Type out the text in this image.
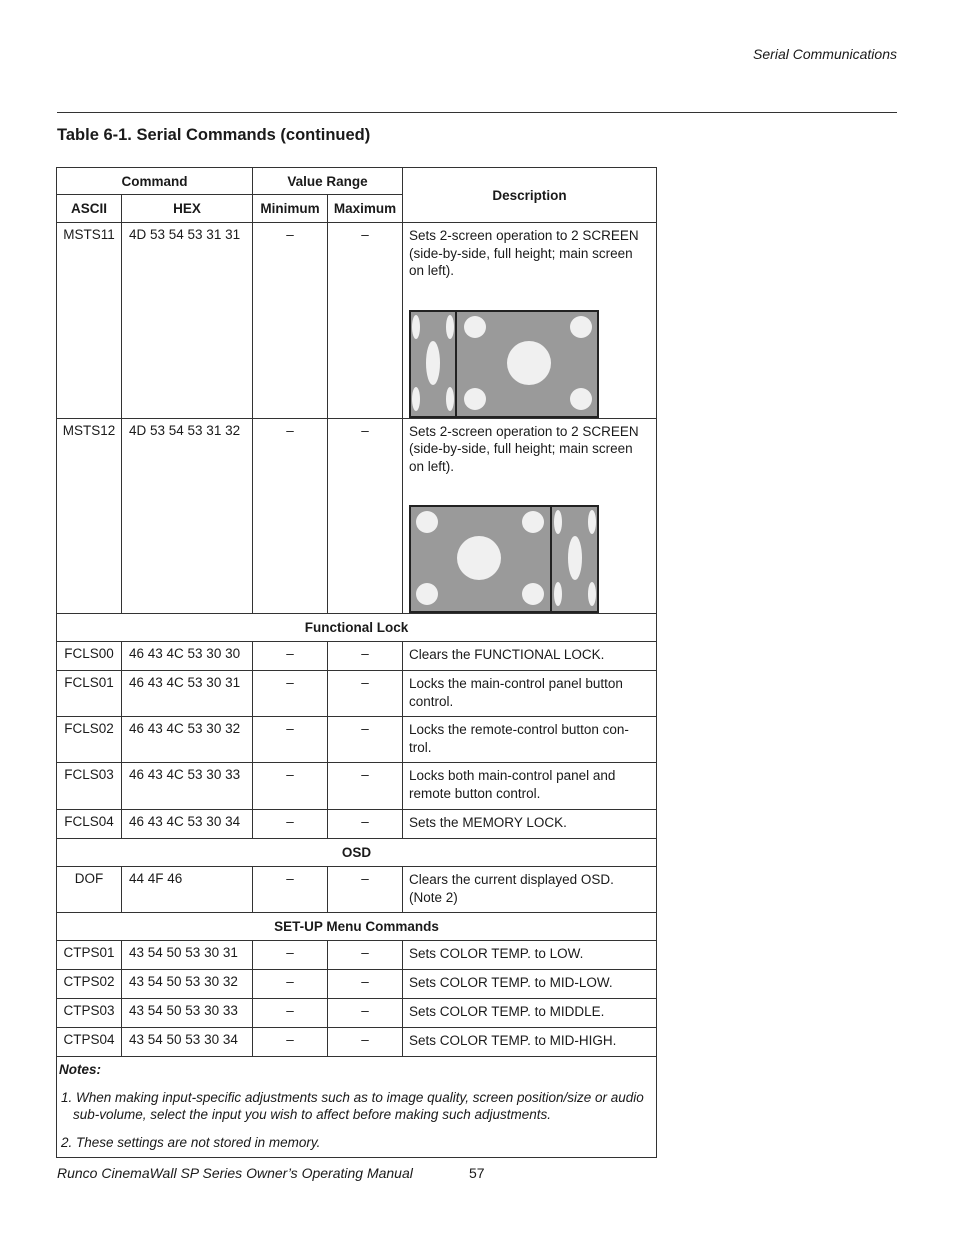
Serial Communications
Table 6-1. Serial Commands (continued)
Command		Value Range		Description
ASCII	HEX	Minimum	Maximum	
MSTS11	4D 53 54 53 31 31	–	–	Sets 2-screen operation to 2 SCREEN (side-by-side, full height; main screen on left).

MSTS12	4D 53 54 53 31 32	–	–	Sets 2-screen operation to 2 SCREEN (side-by-side, full height; main screen on left).

Functional Lock				
FCLS00	46 43 4C 53 30 30	–	–	Clears the FUNCTIONAL LOCK.
FCLS01	46 43 4C 53 30 31	–	–	Locks the main-control panel button control.
FCLS02	46 43 4C 53 30 32	–	–	Locks the remote-control button con-trol.
FCLS03	46 43 4C 53 30 33	–	–	Locks both main-control panel and remote button control.
FCLS04	46 43 4C 53 30 34	–	–	Sets the MEMORY LOCK.
OSD				
DOF	44 4F 46	–	–	Clears the current displayed OSD. (Note 2)
SET-UP Menu Commands				
CTPS01	43 54 50 53 30 31	–	–	Sets COLOR TEMP. to LOW.
CTPS02	43 54 50 53 30 32	–	–	Sets COLOR TEMP. to MID-LOW.
CTPS03	43 54 50 53 30 33	–	–	Sets COLOR TEMP. to MIDDLE.
CTPS04	43 54 50 53 30 34	–	–	Sets COLOR TEMP. to MID-HIGH.

Notes:
1. When making input-specific adjustments such as to image quality, screen position/size or audio sub-volume, select the input you wish to affect before making such adjustments.
2. These settings are not stored in memory.				
Runco CinemaWall SP Series Owner’s Operating Manual	57
